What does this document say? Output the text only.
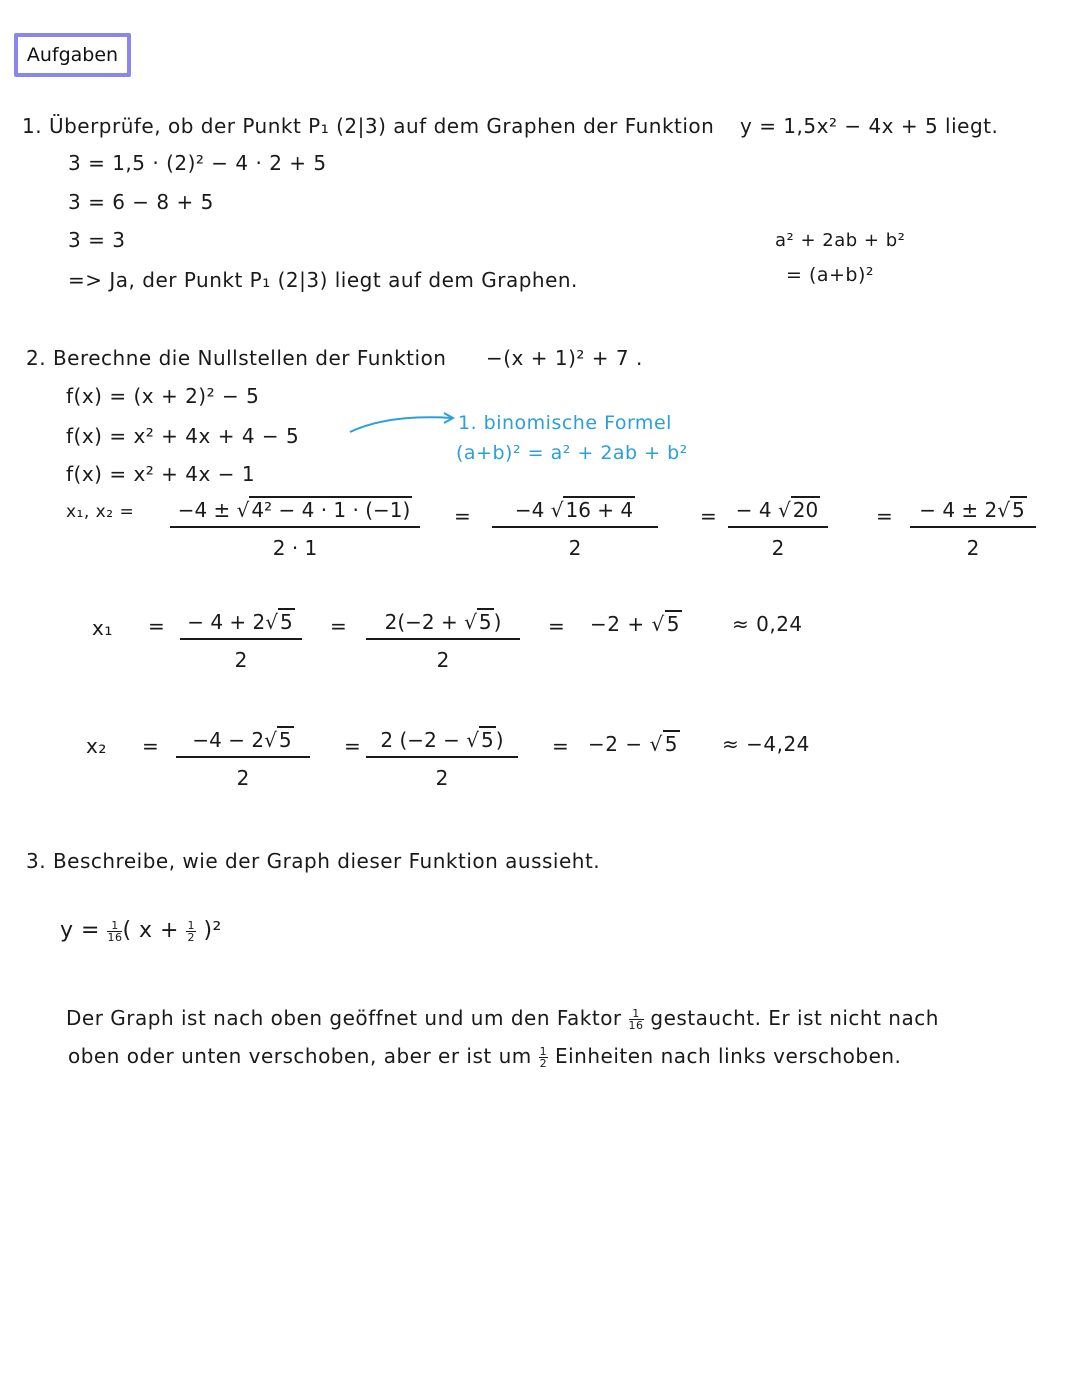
Aufgaben
1. Überprüfe, ob der Punkt P₁ (2|3) auf dem Graphen der Funktion y = 1,5x² − 4x + 5 liegt.
3 = 1,5 · (2)² − 4 · 2 + 5
3 = 6 − 8 + 5
3 = 3
=> Ja, der Punkt P₁ (2|3) liegt auf dem Graphen.
a² + 2ab + b²
= (a+b)²
2. Berechne die Nullstellen der Funktion −(x + 1)² + 7 .
f(x) = (x + 2)² − 5
f(x) = x² + 4x + 4 − 5
f(x) = x² + 4x − 1
1. binomische Formel
(a+b)² = a² + 2ab + b²
x₁, $x_2 = \frac{\text{−4 ± √ 4² − 4 · 1 · (−1)}}{2 \cdot 1} = \frac{-4 √ 16 + 4}{2} = \frac{- 4 √ 20}{2} = \frac{- 4 \pm 2√ 5}{2}$
$x_1 = \frac{- 4 + 2√ 5}{2} = \frac{2(-2 + √ 5 )}{2} = -2$ + √ 5	≈ 0,24
$x_2 = \frac{-4 - 2√ 5}{2} = \frac{2 (-2 - √ 5 )}{2} = -2$ − √ 5 ≈ −4,24
3. Beschreibe, wie der Graph dieser Funktion aussieht.
$y = \frac{1}{16}$ ( $x + \frac{1}{2} )^2$
Der Graph ist nach oben geöffnet und um den Faktor $\frac{1}{16}$ gestaucht. Er ist nicht nach
oben oder unten verschoben, aber er ist um $\frac{1}{2}$ Einheiten nach links verschoben.
